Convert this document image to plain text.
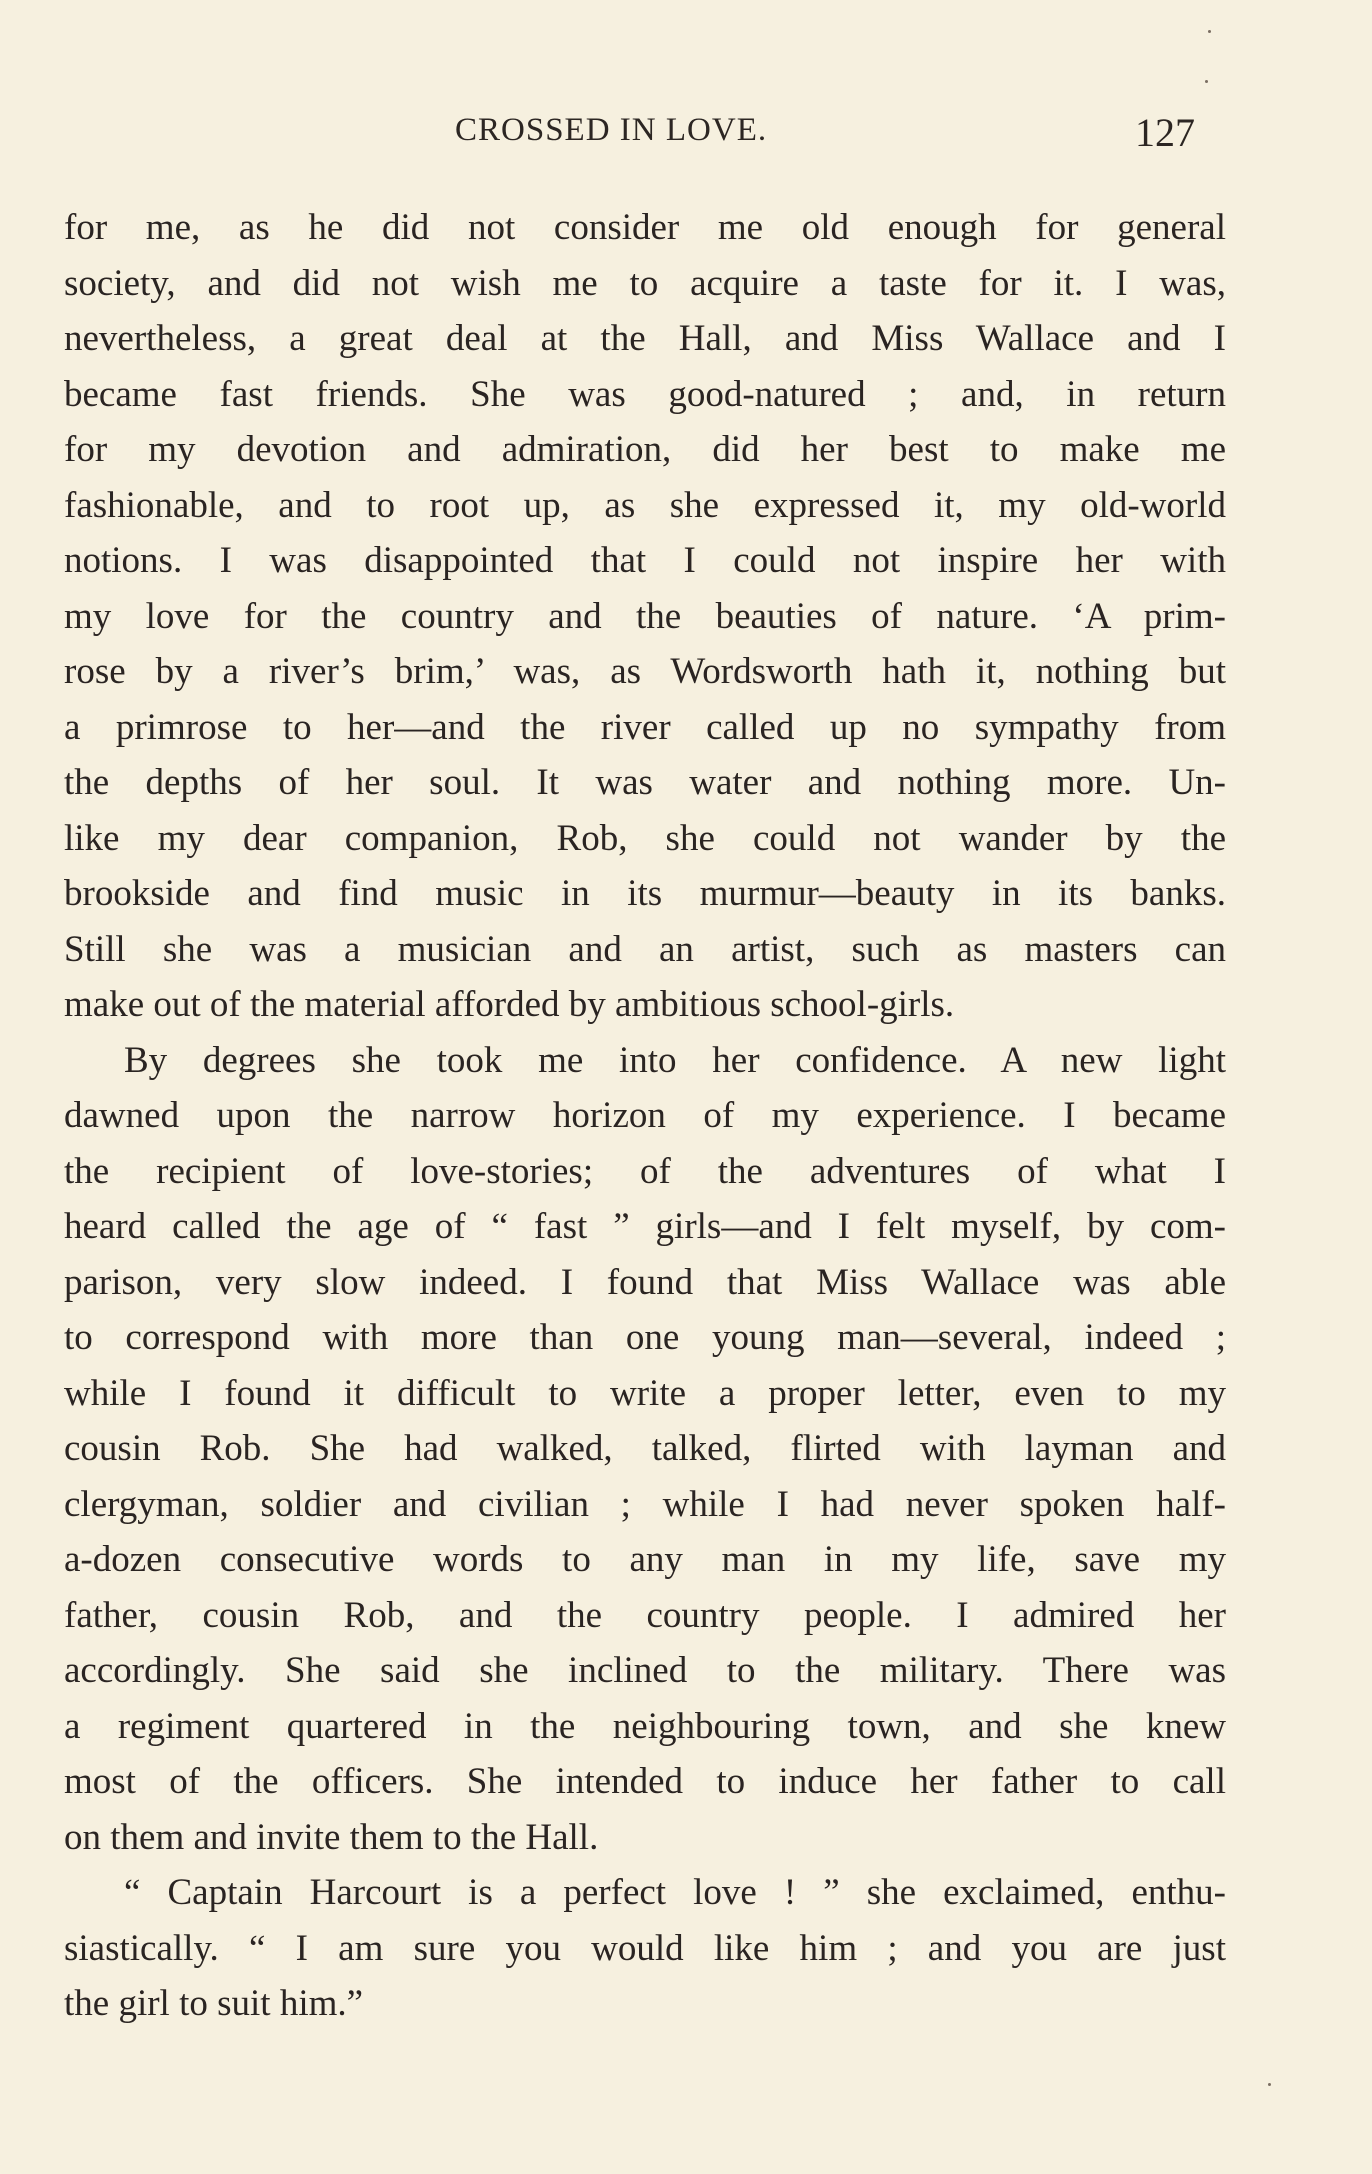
CROSSED IN LOVE.	127
for me, as he did not consider me old enough for general
society, and did not wish me to acquire a taste for it. I was,
nevertheless, a great deal at the Hall, and Miss Wallace and I
became fast friends. She was good-natured ; and, in return
for my devotion and admiration, did her best to make me
fashionable, and to root up, as she expressed it, my old-world
notions. I was disappointed that I could not inspire her with
my love for the country and the beauties of nature. ‘A prim-
rose by a river’s brim,’ was, as Wordsworth hath it, nothing but
a primrose to her—and the river called up no sympathy from
the depths of her soul. It was water and nothing more. Un-
like my dear companion, Rob, she could not wander by the
brookside and find music in its murmur—beauty in its banks.
Still she was a musician and an artist, such as masters can
make out of the material afforded by ambitious school-girls.
By degrees she took me into her confidence. A new light
dawned upon the narrow horizon of my experience. I became
the recipient of love-stories; of the adventures of what I
heard called the age of “ fast ” girls—and I felt myself, by com-
parison, very slow indeed. I found that Miss Wallace was able
to correspond with more than one young man—several, indeed ;
while I found it difficult to write a proper letter, even to my
cousin Rob. She had walked, talked, flirted with layman and
clergyman, soldier and civilian ; while I had never spoken half-
a-dozen consecutive words to any man in my life, save my
father, cousin Rob, and the country people. I admired her
accordingly. She said she inclined to the military. There was
a regiment quartered in the neighbouring town, and she knew
most of the officers. She intended to induce her father to call
on them and invite them to the Hall.
“ Captain Harcourt is a perfect love ! ” she exclaimed, enthu-
siastically. “ I am sure you would like him ; and you are just
the girl to suit him.”
